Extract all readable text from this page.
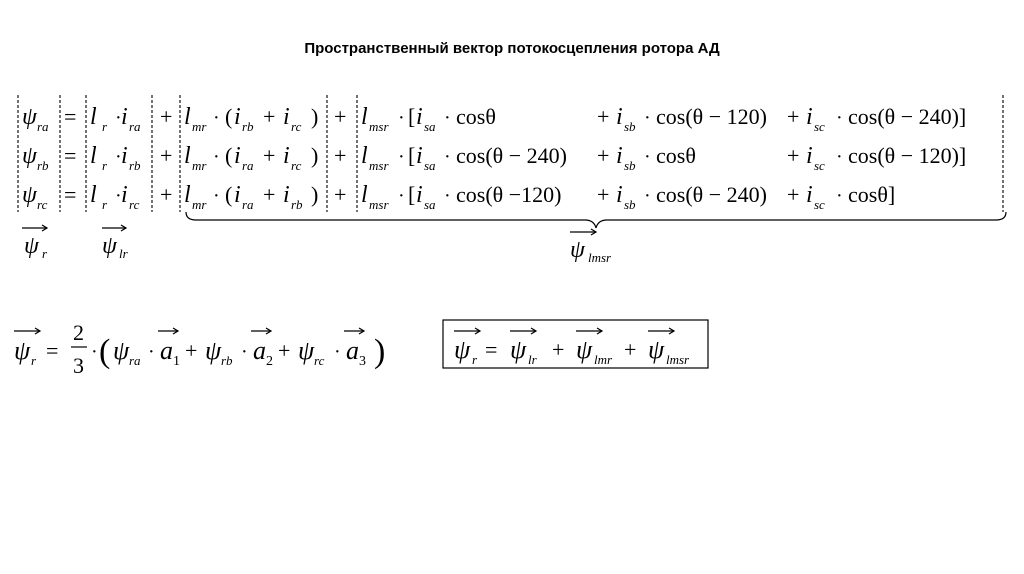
Пространственный вектор потокосцепления ротора АД
ψ ra = l r · i ra + l mr · ( i rb + i rc ) + l msr · [ i sa · cosθ	+ i sb · cos(θ − 120) + i sc · cos(θ − 240)]
ψ rb = l r · i rb + l mr · ( i ra + i rc ) + l msr · [ i sa · cos(θ − 240) + i sb · cosθ	+ i sc · cos(θ − 120)]
ψ rc = l r · i rc + l mr · ( i ra + i rb ) + l msr · [ i sa · cos(θ −120) + i sb · cos(θ − 240) + i sc · cosθ]
ψ r ψ lr	ψ lmsr
ψ r =
2
3
· ( ψ ra · a 1 + ψ rb · a 2 + ψ rc · a 3 )	ψ r = ψ lr + ψ lmr + ψ lmsr
